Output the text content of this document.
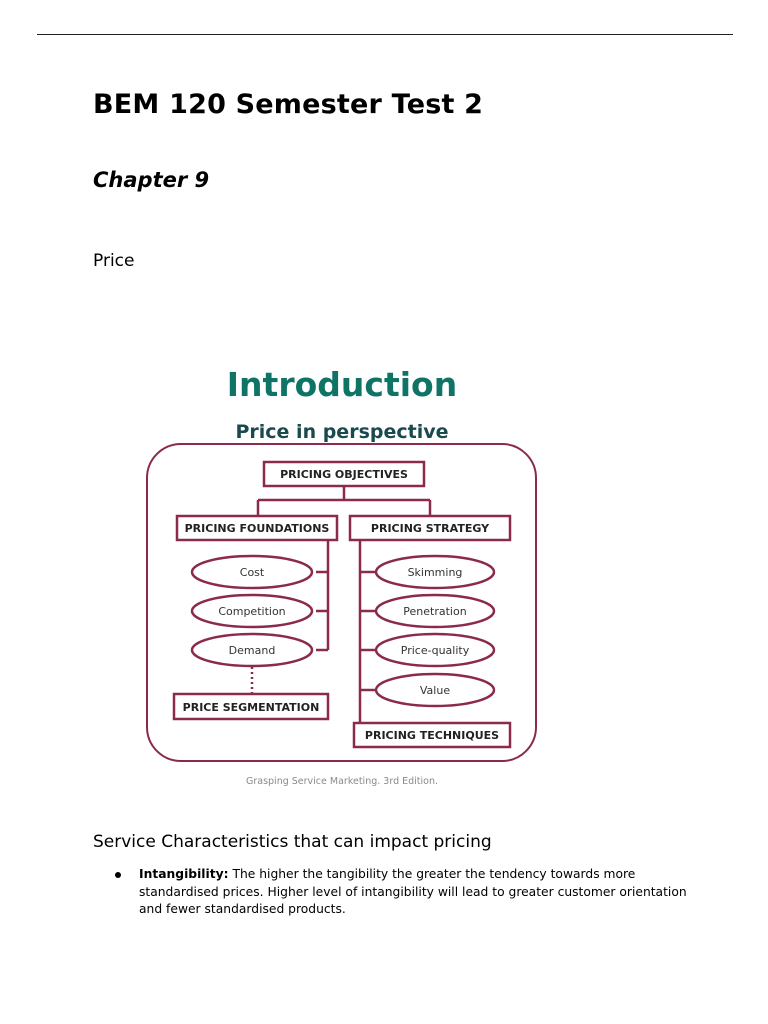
BEM 120 Semester Test 2
Chapter 9

Price

Introduction
Price in perspective
PRICING OBJECTIVES
PRICING FOUNDATIONS	PRICING STRATEGY
PRICE SEGMENTATION
PRICING TECHNIQUES
Cost
Competition
Demand
Skimming
Penetration
Price-quality
Value
Grasping Service Marketing. 3rd Edition.

Service Characteristics that can impact pricing

Intangibility: The higher the tangibility the greater the tendency towards more standardised prices. Higher level of intangibility will lead to greater customer orientation and fewer standardised products.
